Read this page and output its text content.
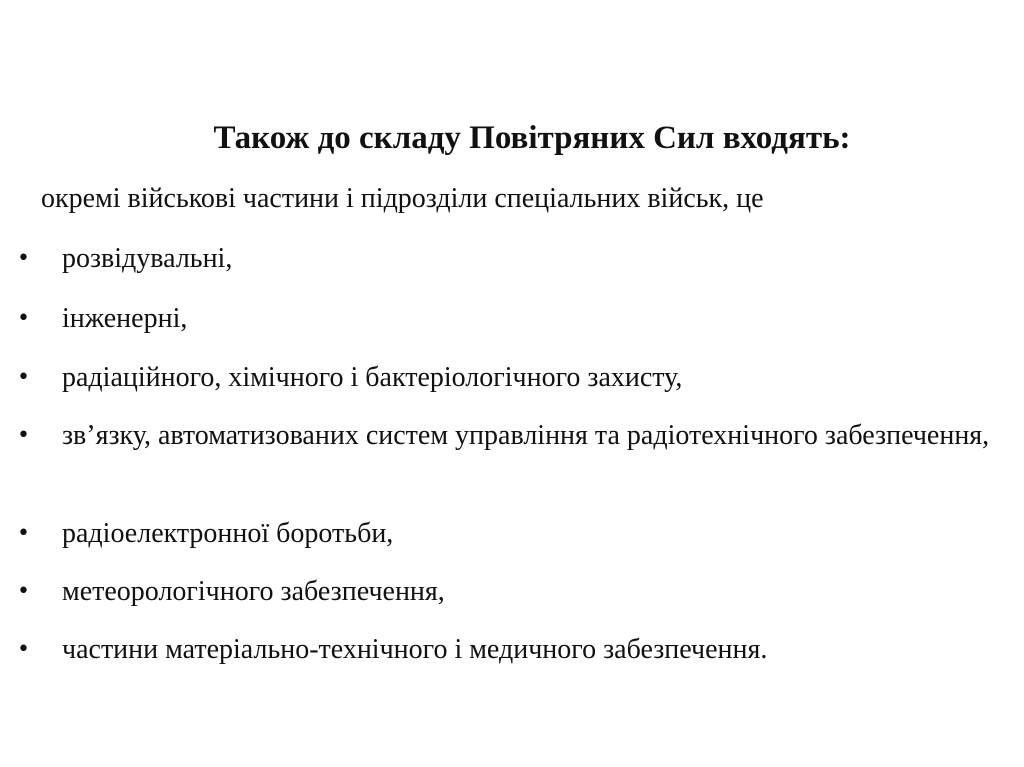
Також до складу Повітряних Сил входять:
окремі військові частини і підрозділи спеціальних військ, це
• розвідувальні,
• інженерні,
• радіаційного, хімічного і бактеріологічного захисту,
• зв’язку, автоматизованих систем управління та радіотехнічного забезпечення,
• радіоелектронної боротьби,
• метеорологічного забезпечення,
• частини матеріально-технічного і медичного забезпечення.
